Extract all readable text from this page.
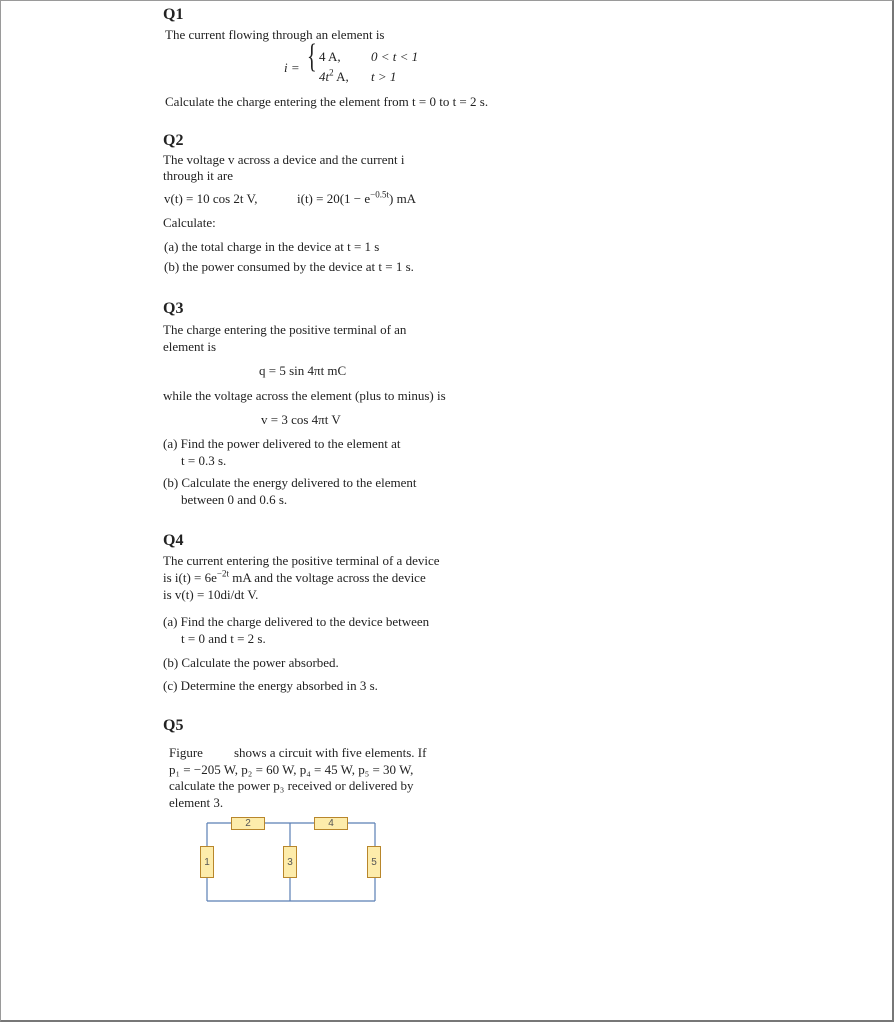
Q1
The current flowing through an element is
i = { 4 A, 0 < t < 1
$4t^2$ A, t > 1
Calculate the charge entering the element from t = 0 to t = 2 s.
Q2
The voltage v across a device and the current i
through it are
v(t) = 10 cos 2t V,	$i(t) = 20(1 - e^{-0.5t})$ mA
Calculate:
(a) the total charge in the device at t = 1 s
(b) the power consumed by the device at t = 1 s.
Q3
The charge entering the positive terminal of an
element is
q = 5 sin 4πt mC
while the voltage across the element (plus to minus) is
v = 3 cos 4πt V
(a) Find the power delivered to the element at
t = 0.3 s.
(b) Calculate the energy delivered to the element
between 0 and 0.6 s.
Q4
The current entering the positive terminal of a device
is $i(t) = 6e^{-2t}$ mA and the voltage across the device
is v(t) = 10di/dt V.
(a) Find the charge delivered to the device between
t = 0 and t = 2 s.
(b) Calculate the power absorbed.
(c) Determine the energy absorbed in 3 s.
Q5
Figure shows a circuit with five elements. If
p₁ = −205 W, p₂ = 60 W, p₄ = 45 W, p₅ = 30 W,
calculate the power p₃ received or delivered by
element 3.
1
2
3
4
5
